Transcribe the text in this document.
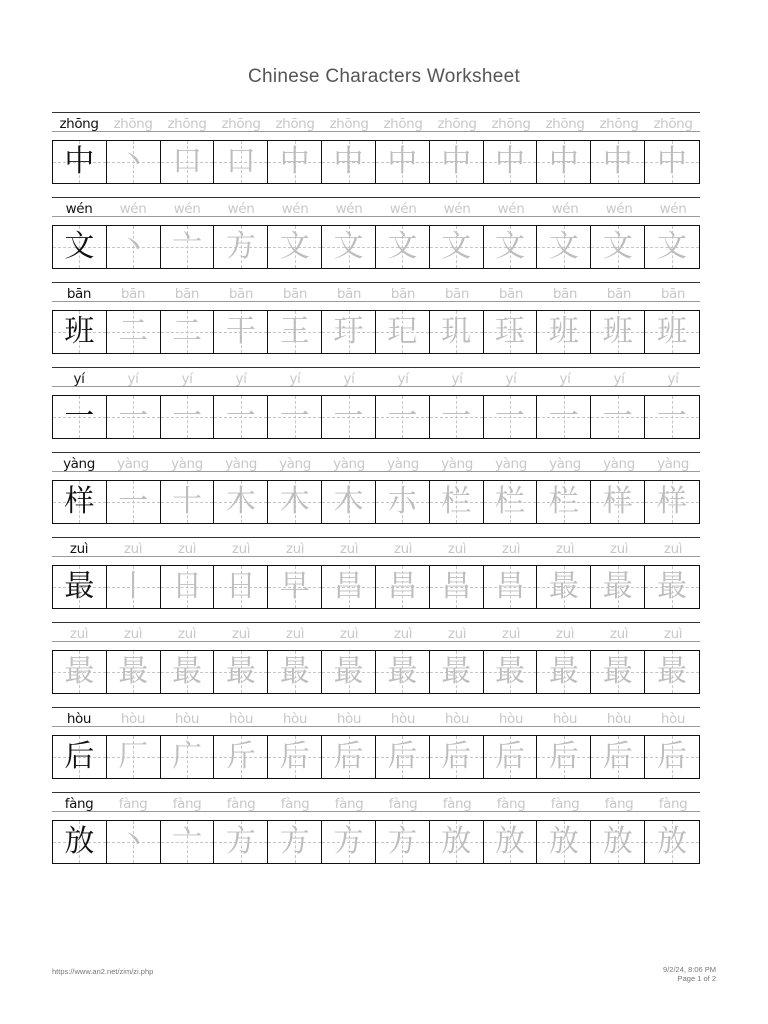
Chinese Characters Worksheet
zhōng	zhōng	zhōng	zhōng	zhōng	zhōng	zhōng	zhōng	zhōng	zhōng	zhōng	zhōng
中 丶 口 口 中 中 中 中 中 中 中 中
wén	wén	wén	wén	wén	wén	wén	wén	wén	wén	wén	wén
文 丶 亠 方 文 文 文 文 文 文 文 文
bān	bān	bān	bān	bān	bān	bān	bān	bān	bān	bān	bān
班 二 二 干 王 玗 玘 玑 珏 班 班 班
yí	yí	yí	yí	yí	yí	yí	yí	yí	yí	yí	yí
一 一 一 一 一 一 一 一 一 一 一 一
yàng	yàng	yàng	yàng	yàng	yàng	yàng	yàng	yàng	yàng	yàng	yàng
样 一 十 木 木 木 朩 栏 栏 栏 样 样
zuì	zuì	zuì	zuì	zuì	zuì	zuì	zuì	zuì	zuì	zuì	zuì
最 丨 日 日 早 昌 昌 昌 昌 最 最 最
zuì	zuì	zuì	zuì	zuì	zuì	zuì	zuì	zuì	zuì	zuì	zuì
最 最 最 最 最 最 最 最 最 最 最 最
hòu	hòu	hòu	hòu	hòu	hòu	hòu	hòu	hòu	hòu	hòu	hòu
后 厂 广 斤 后 后 后 后 后 后 后 后
fàng	fàng	fàng	fàng	fàng	fàng	fàng	fàng	fàng	fàng	fàng	fàng
放 丶 亠 方 方 方 方 放 放 放 放 放
https://www.an2.net/zim/zi.php	9/2/24, 8:06 PM
Page 1 of 2
